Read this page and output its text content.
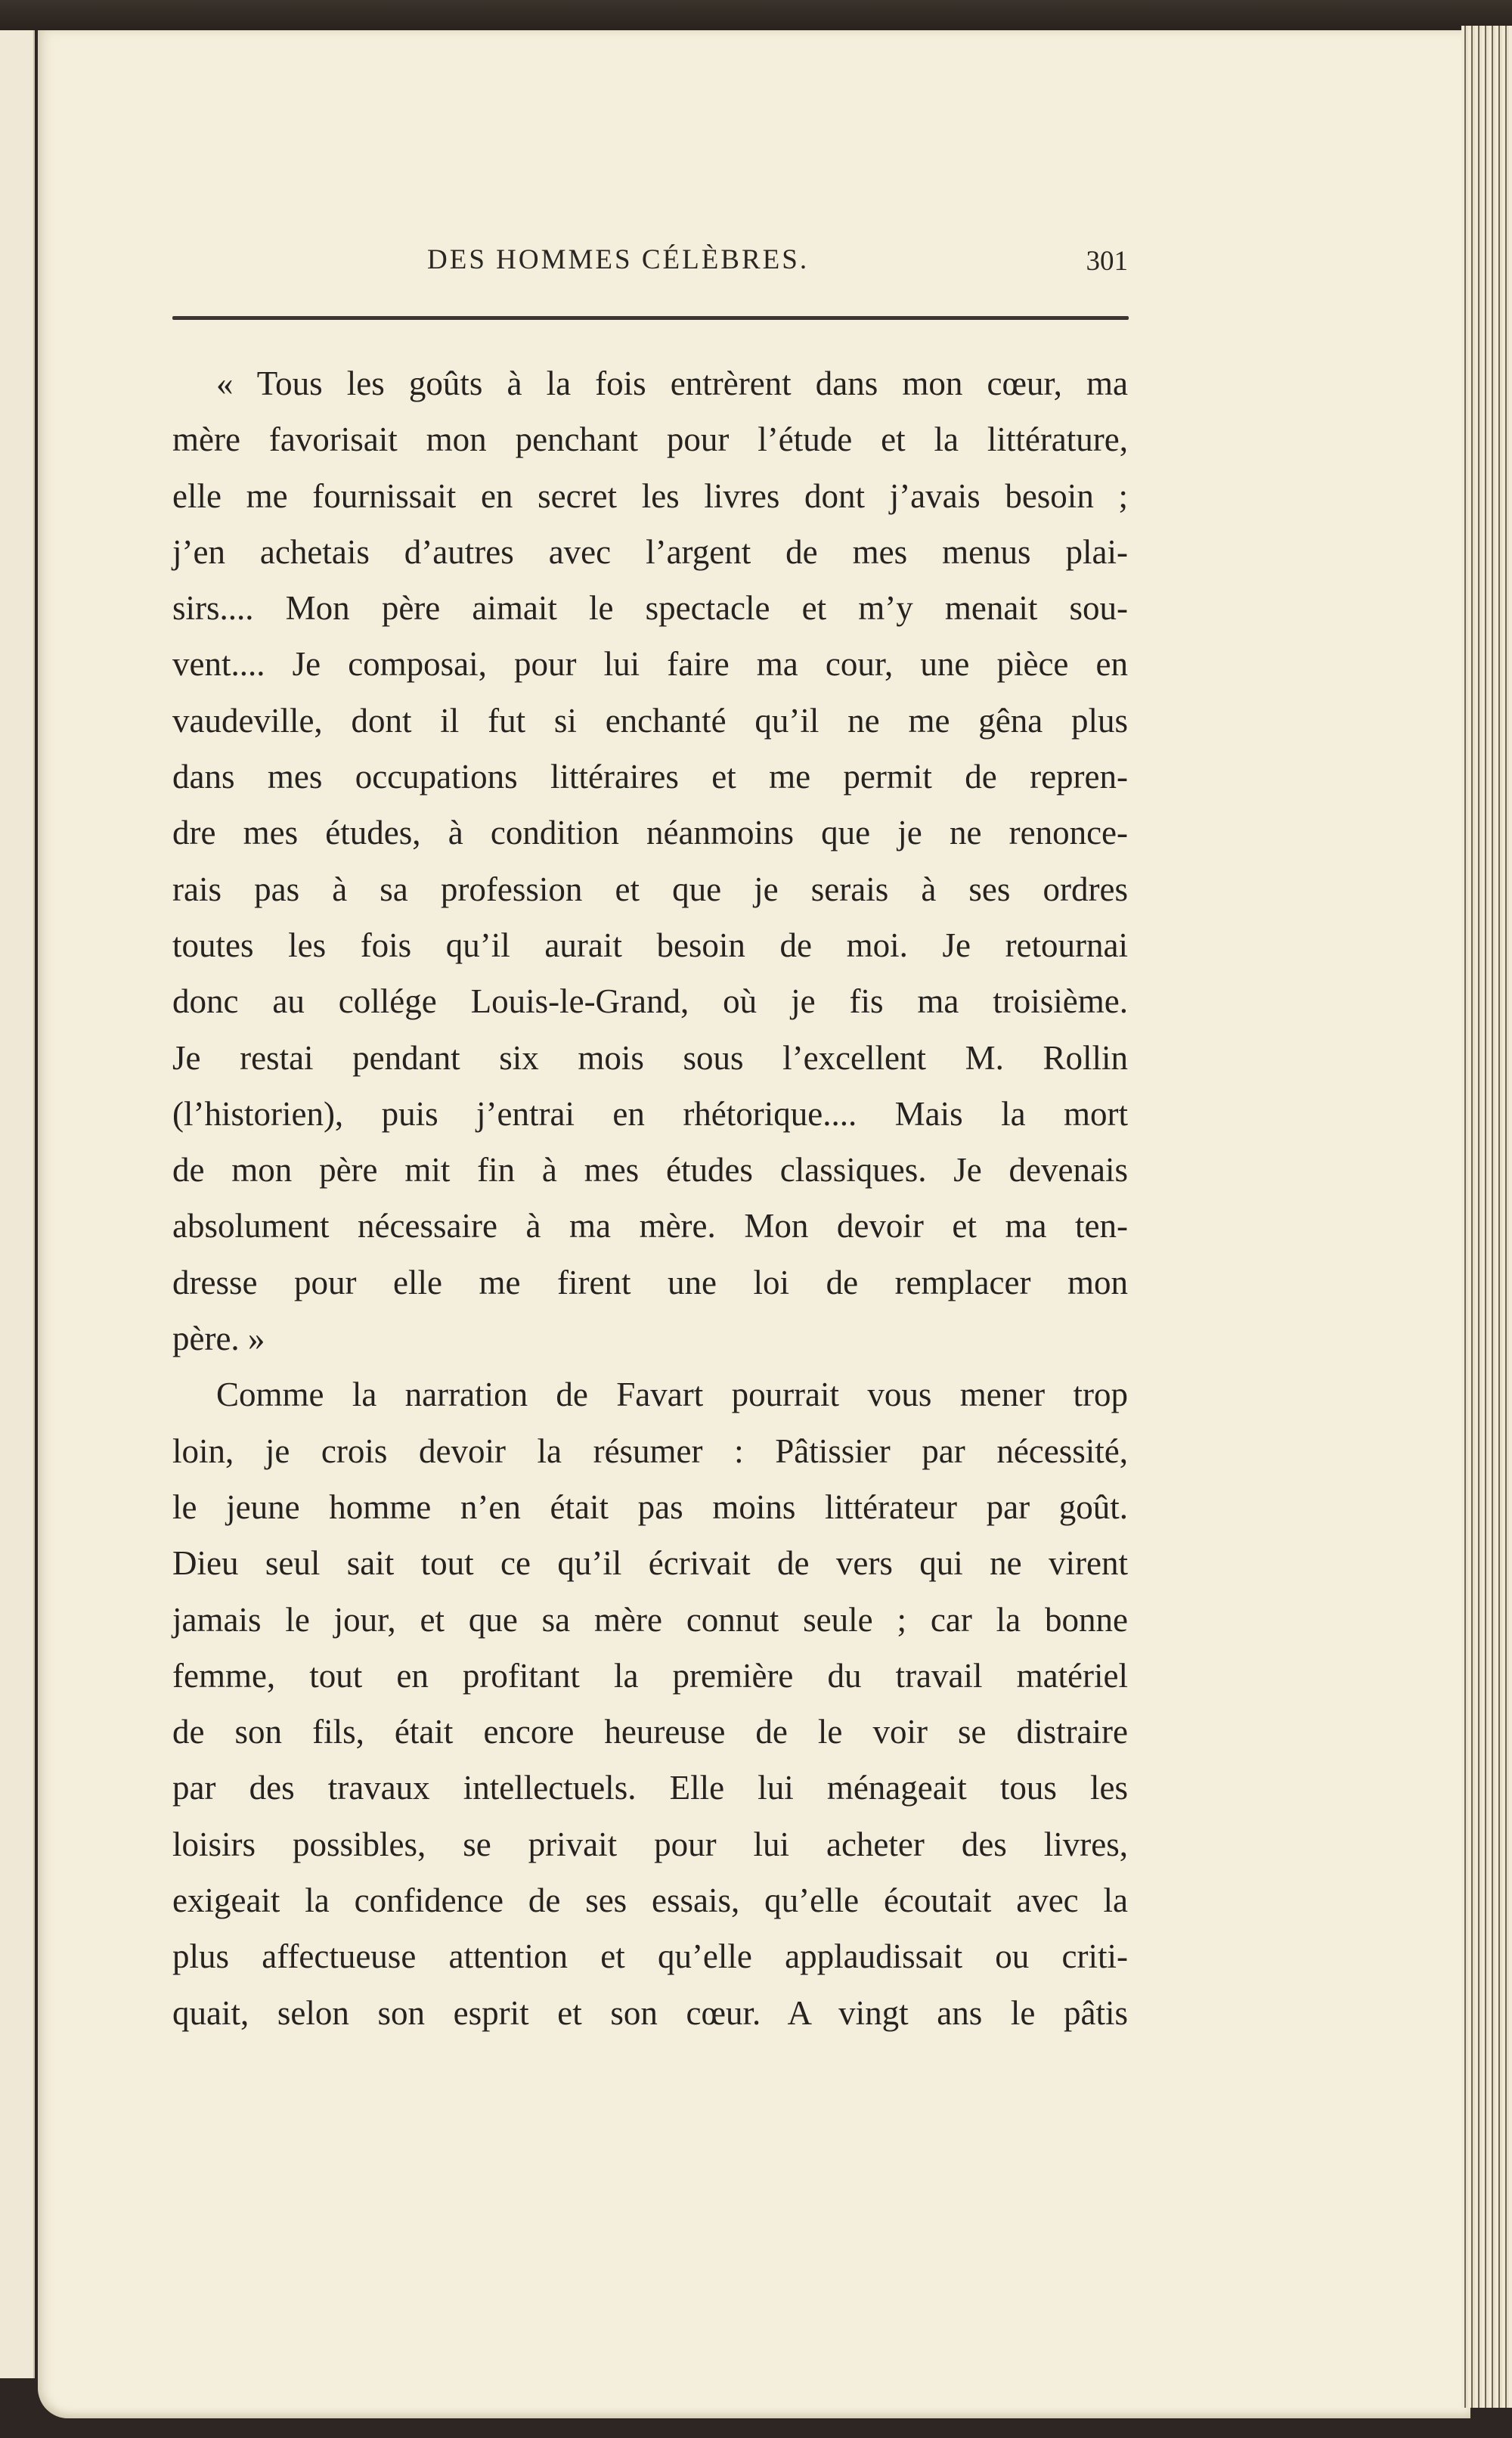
DES HOMMES CÉLÈBRES.	301
« Tous les goûts à la fois entrèrent dans mon cœur, ma
mère favorisait mon penchant pour l’étude et la littérature,
elle me fournissait en secret les livres dont j’avais besoin ;
j’en achetais d’autres avec l’argent de mes menus plai-
sirs.... Mon père aimait le spectacle et m’y menait sou-
vent.... Je composai, pour lui faire ma cour, une pièce en
vaudeville, dont il fut si enchanté qu’il ne me gêna plus
dans mes occupations littéraires et me permit de repren-
dre mes études, à condition néanmoins que je ne renonce-
rais pas à sa profession et que je serais à ses ordres
toutes les fois qu’il aurait besoin de moi. Je retournai
donc au collége Louis-le-Grand, où je fis ma troisième.
Je restai pendant six mois sous l’excellent M. Rollin
(l’historien), puis j’entrai en rhétorique.... Mais la mort
de mon père mit fin à mes études classiques. Je devenais
absolument nécessaire à ma mère. Mon devoir et ma ten-
dresse pour elle me firent une loi de remplacer mon
père. »
Comme la narration de Favart pourrait vous mener trop
loin, je crois devoir la résumer : Pâtissier par nécessité,
le jeune homme n’en était pas moins littérateur par goût.
Dieu seul sait tout ce qu’il écrivait de vers qui ne virent
jamais le jour, et que sa mère connut seule ; car la bonne
femme, tout en profitant la première du travail matériel
de son fils, était encore heureuse de le voir se distraire
par des travaux intellectuels. Elle lui ménageait tous les
loisirs possibles, se privait pour lui acheter des livres,
exigeait la confidence de ses essais, qu’elle écoutait avec la
plus affectueuse attention et qu’elle applaudissait ou criti-
quait, selon son esprit et son cœur. A vingt ans le pâtis
